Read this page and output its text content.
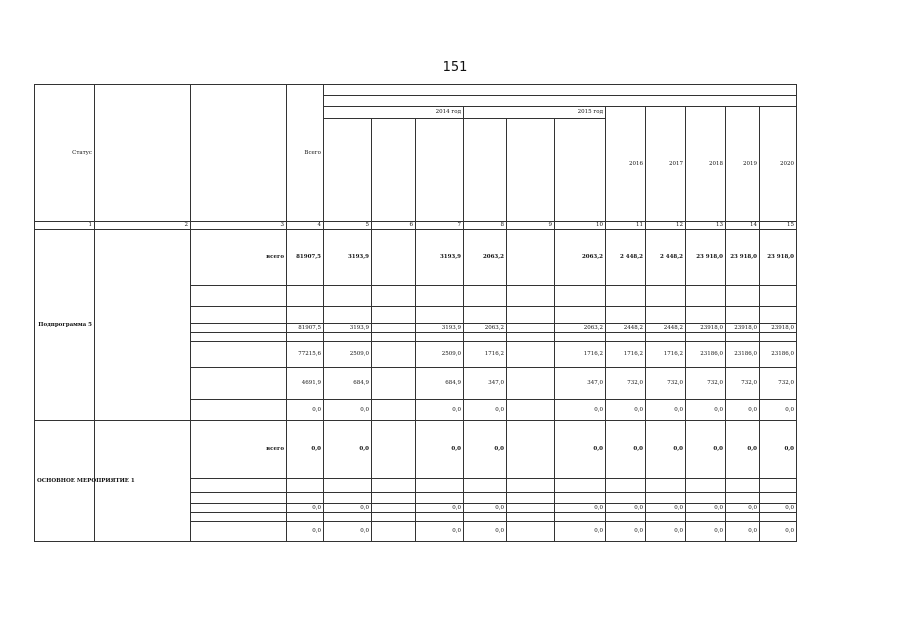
151
Статус			Всего											

				2014 год			2015 год			2016	2017	2018	2019	2020

1	2	3	4	5	6	7	8	9	10	11	12	13	14	15
Подпрограмма 5		всего	81907,5	3193,9		3193,9	2063,2		2063,2	2 448,2	2 448,2	23 918,0	23 918,0	23 918,0

			81907,5	3193,9		3193,9	2063,2		2063,2	2448,2	2448,2	23918,0	23918,0	23918,0

			77215,6	2509,0		2509,0	1716,2		1716,2	1716,2	1716,2	23186,0	23186,0	23186,0
			4691,9	684,9		684,9	347,0		347,0	732,0	732,0	732,0	732,0	732,0
			0,0	0,0		0,0	0,0		0,0	0,0	0,0	0,0	0,0	0,0
ОСНОВНОЕ МЕРОПРИЯТИЕ 1		всего	0,0	0,0		0,0	0,0		0,0	0,0	0,0	0,0	0,0	0,0

			0,0	0,0		0,0	0,0		0,0	0,0	0,0	0,0	0,0	0,0

			0,0	0,0		0,0	0,0		0,0	0,0	0,0	0,0	0,0	0,0
